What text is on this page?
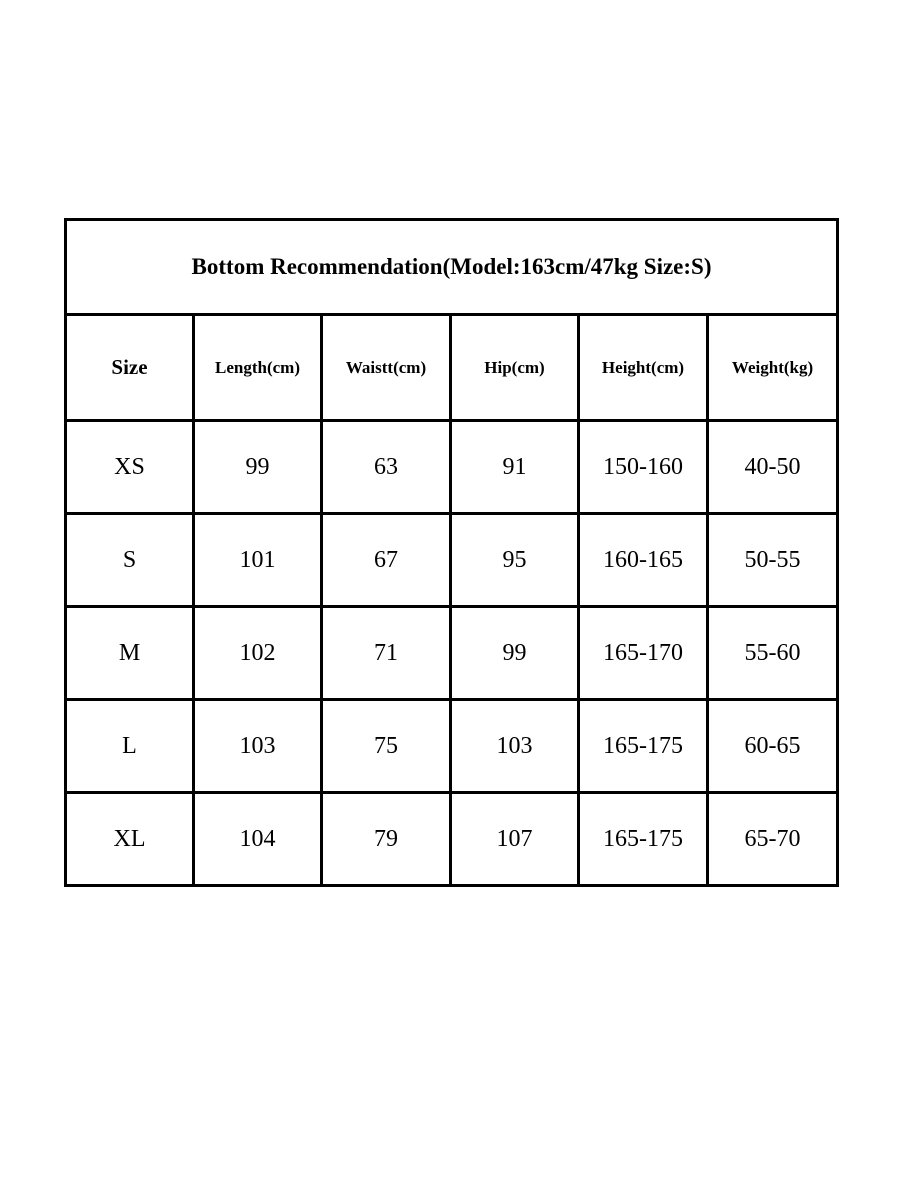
Bottom Recommendation(Model:163cm/47kg Size:S)					
Size	Length(cm)	Waistt(cm)	Hip(cm)	Height(cm)	Weight(kg)
XS	99	63	91	150-160	40-50
S	101	67	95	160-165	50-55
M	102	71	99	165-170	55-60
L	103	75	103	165-175	60-65
XL	104	79	107	165-175	65-70
